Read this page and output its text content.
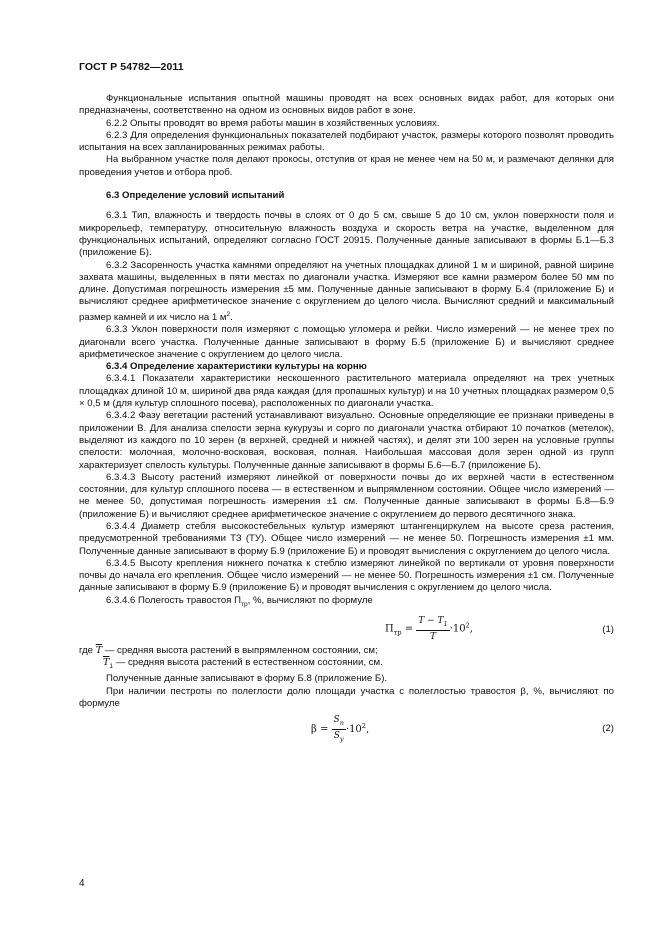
ГОСТ Р 54782—2011

Функциональные испытания опытной машины проводят на всех основных видах работ, для которых они предназначены, соответственно на одном из основных видов работ в зоне.

6.2.2 Опыты проводят во время работы машин в хозяйственных условиях.

6.2.3 Для определения функциональных показателей подбирают участок, размеры которого позволят проводить испытания на всех запланированных режимах работы.

На выбранном участке поля делают прокосы, отступив от края не менее чем на 50 м, и размечают делянки для проведения учетов и отбора проб.

6.3 Определение условий испытаний

6.3.1 Тип, влажность и твердость почвы в слоях от 0 до 5 см, свыше 5 до 10 см, уклон поверхности поля и микрорельеф, температуру, относительную влажность воздуха и скорость ветра на участке, выделенном для функциональных испытаний, определяют согласно ГОСТ 20915. Полученные данные записывают в формы Б.1—Б.3 (приложение Б).

6.3.2 Засоренность участка камнями определяют на учетных площадках длиной 1 м и шириной, равной ширине захвата машины, выделенных в пяти местах по диагонали участка. Измеряют все камни размером более 50 мм по длине. Допустимая погрешность измерения ±5 мм. Полученные данные записывают в форму Б.4 (приложение Б) и вычисляют среднее арифметическое значение с округлением до целого числа. Вычисляют средний и максимальный размер камней и их число на 1 $м^2$.

6.3.3 Уклон поверхности поля измеряют с помощью угломера и рейки. Число измерений — не менее трех по диагонали всего участка. Полученные данные записывают в форму Б.5 (приложение Б) и вычисляют среднее арифметическое значение с округлением до целого числа.

6.3.4 Определение характеристики культуры на корню

6.3.4.1 Показатели характеристики нескошенного растительного материала определяют на трех учетных площадках длиной 10 м, шириной два ряда каждая (для пропашных культур) и на 10 учетных площадках размером 0,5 × 0,5 м (для культур сплошного посева), расположенных по диагонали участка.

6.3.4.2 Фазу вегетации растений устанавливают визуально. Основные определяющие ее признаки приведены в приложении В. Для анализа спелости зерна кукурузы и сорго по диагонали участка отбирают 10 початков (метелок), выделяют из каждого по 10 зерен (в верхней, средней и нижней частях), и делят эти 100 зерен на условные группы спелости: молочная, молочно-восковая, восковая, полная. Наибольшая массовая доля зерен одной из групп характеризует спелость культуры. Полученные данные записывают в формы Б.6—Б.7 (приложение Б).

6.3.4.3 Высоту растений измеряют линейкой от поверхности почвы до их верхней части в естественном состоянии, для культур сплошного посева — в естественном и выпрямленном состоянии. Общее число измерений — не менее 50, допустимая погрешность измерения ±1 см. Полученные данные записывают в формы Б.8—Б.9 (приложение Б) и вычисляют среднее арифметическое значение с округлением до первого десятичного знака.

6.3.4.4 Диаметр стебля высокостебельных культур измеряют штангенциркулем на высоте среза растения, предусмотренной требованиями ТЗ (ТУ). Общее число измерений — не менее 50. Погрешность измерения ±1 мм. Полученные данные записывают в форму Б.9 (приложение Б) и проводят вычисления с округлением до целого числа.

6.3.4.5 Высоту крепления нижнего початка к стеблю измеряют линейкой по вертикали от уровня поверхности почвы до начала его крепления. Общее число измерений — не менее 50. Погрешность измерения ±1 см. Полученные данные записывают в форму Б.9 (приложение Б) и проводят вычисления с округлением до целого числа.

6.3.4.6 Полегость травостоя $П_{тр}$, %, вычисляют по формуле

$П_{тр} = \frac{T - T_1}{T} \cdot 10^2$,	(1)

где $\overline{T}$ — средняя высота растений в выпрямленном состоянии, см;

$\overline{T}_1$ — средняя высота растений в естественном состоянии, см.

Полученные данные записывают в форму Б.8 (приложение Б).

При наличии пестроты по полеглости долю площади участка с полеглостью травостоя β, %, вычисляют по формуле

$\beta = \frac{S_п}{S_у} \cdot 10^2$,	(2)
4
